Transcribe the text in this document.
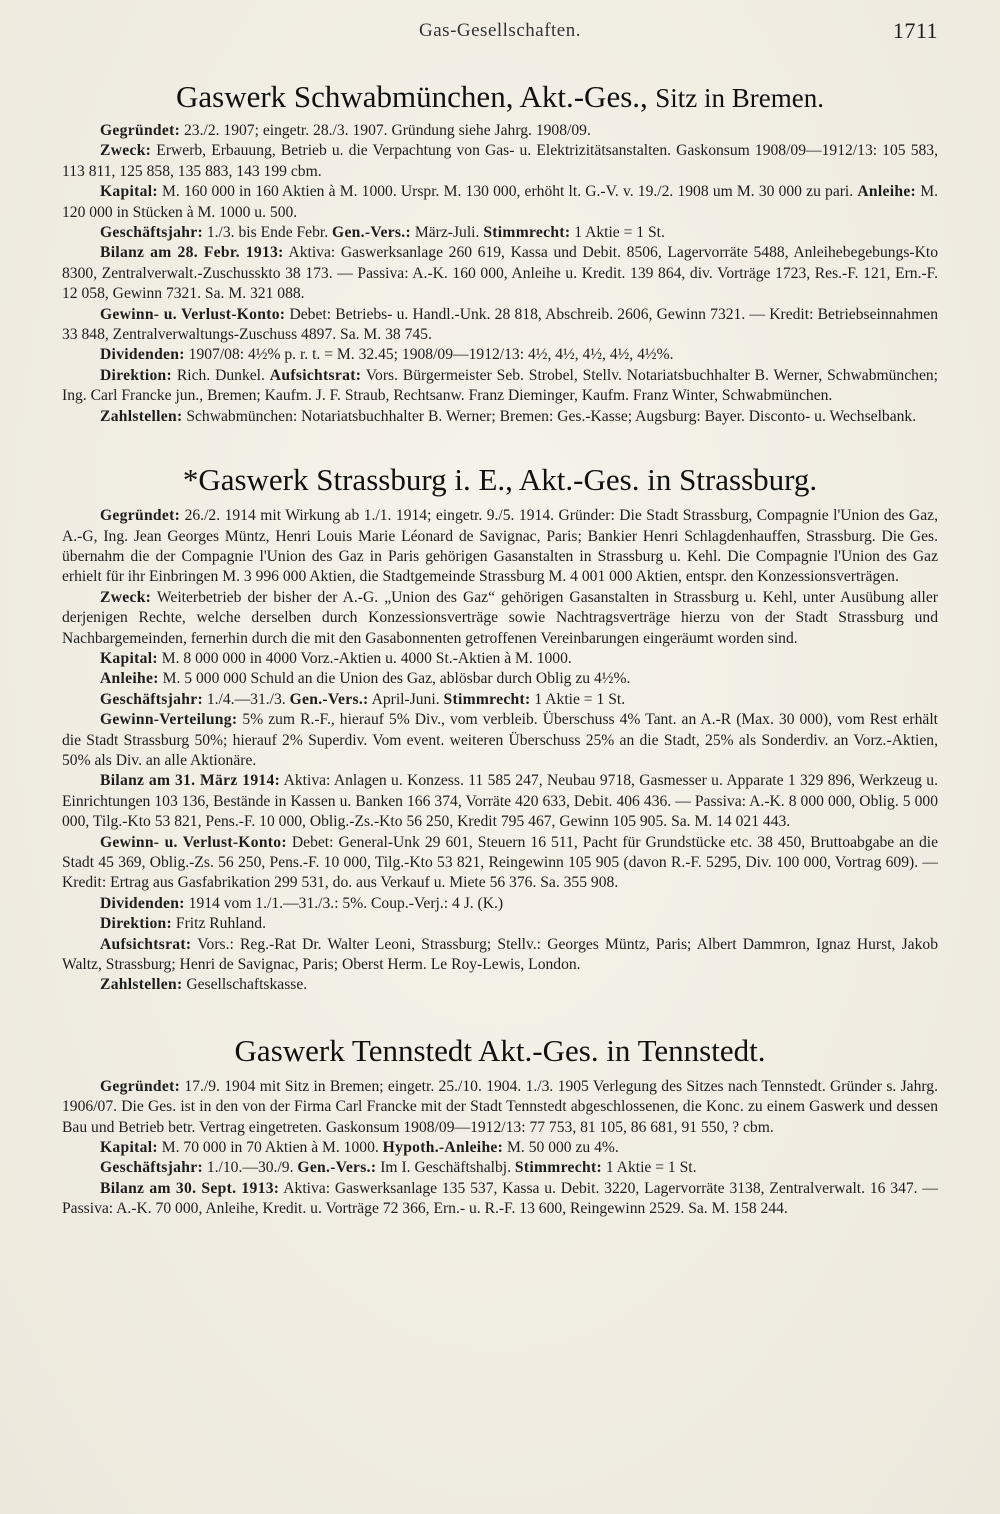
Gas-Gesellschaften.	1711
Gaswerk Schwabmünchen, Akt.-Ges., Sitz in Bremen.

Gegründet: 23./2. 1907; eingetr. 28./3. 1907. Gründung siehe Jahrg. 1908/09.

Zweck: Erwerb, Erbauung, Betrieb u. die Verpachtung von Gas- u. Elektrizitätsanstalten. Gaskonsum 1908/09—1912/13: 105 583, 113 811, 125 858, 135 883, 143 199 cbm.

Kapital: M. 160 000 in 160 Aktien à M. 1000. Urspr. M. 130 000, erhöht lt. G.-V. v. 19./2. 1908 um M. 30 000 zu pari. Anleihe: M. 120 000 in Stücken à M. 1000 u. 500.

Geschäftsjahr: 1./3. bis Ende Febr. Gen.-Vers.: März-Juli. Stimmrecht: 1 Aktie = 1 St.

Bilanz am 28. Febr. 1913: Aktiva: Gaswerksanlage 260 619, Kassa und Debit. 8506, Lagervorräte 5488, Anleihebegebungs-Kto 8300, Zentralverwalt.-Zuschusskto 38 173. — Passiva: A.-K. 160 000, Anleihe u. Kredit. 139 864, div. Vorträge 1723, Res.-F. 121, Ern.-F. 12 058, Gewinn 7321. Sa. M. 321 088.

Gewinn- u. Verlust-Konto: Debet: Betriebs- u. Handl.-Unk. 28 818, Abschreib. 2606, Gewinn 7321. — Kredit: Betriebseinnahmen 33 848, Zentralverwaltungs-Zuschuss 4897. Sa. M. 38 745.

Dividenden: 1907/08: 4½% p. r. t. = M. 32.45; 1908/09—1912/13: 4½, 4½, 4½, 4½, 4½%.

Direktion: Rich. Dunkel. Aufsichtsrat: Vors. Bürgermeister Seb. Strobel, Stellv. Notariatsbuchhalter B. Werner, Schwabmünchen; Ing. Carl Francke jun., Bremen; Kaufm. J. F. Straub, Rechtsanw. Franz Dieminger, Kaufm. Franz Winter, Schwabmünchen.

Zahlstellen: Schwabmünchen: Notariatsbuchhalter B. Werner; Bremen: Ges.-Kasse; Augsburg: Bayer. Disconto- u. Wechselbank.

*Gaswerk Strassburg i. E., Akt.-Ges. in Strassburg.

Gegründet: 26./2. 1914 mit Wirkung ab 1./1. 1914; eingetr. 9./5. 1914. Gründer: Die Stadt Strassburg, Compagnie l'Union des Gaz, A.-G, Ing. Jean Georges Müntz, Henri Louis Marie Léonard de Savignac, Paris; Bankier Henri Schlagdenhauffen, Strassburg. Die Ges. übernahm die der Compagnie l'Union des Gaz in Paris gehörigen Gasanstalten in Strassburg u. Kehl. Die Compagnie l'Union des Gaz erhielt für ihr Einbringen M. 3 996 000 Aktien, die Stadtgemeinde Strassburg M. 4 001 000 Aktien, entspr. den Konzessionsverträgen.

Zweck: Weiterbetrieb der bisher der A.-G. „Union des Gaz“ gehörigen Gasanstalten in Strassburg u. Kehl, unter Ausübung aller derjenigen Rechte, welche derselben durch Konzessionsverträge sowie Nachtragsverträge hierzu von der Stadt Strassburg und Nachbargemeinden, fernerhin durch die mit den Gasabonnenten getroffenen Vereinbarungen eingeräumt worden sind.

Kapital: M. 8 000 000 in 4000 Vorz.-Aktien u. 4000 St.-Aktien à M. 1000.

Anleihe: M. 5 000 000 Schuld an die Union des Gaz, ablösbar durch Oblig zu 4½%.

Geschäftsjahr: 1./4.—31./3. Gen.-Vers.: April-Juni. Stimmrecht: 1 Aktie = 1 St.

Gewinn-Verteilung: 5% zum R.-F., hierauf 5% Div., vom verbleib. Überschuss 4% Tant. an A.-R (Max. 30 000), vom Rest erhält die Stadt Strassburg 50%; hierauf 2% Superdiv. Vom event. weiteren Überschuss 25% an die Stadt, 25% als Sonderdiv. an Vorz.-Aktien, 50% als Div. an alle Aktionäre.

Bilanz am 31. März 1914: Aktiva: Anlagen u. Konzess. 11 585 247, Neubau 9718, Gasmesser u. Apparate 1 329 896, Werkzeug u. Einrichtungen 103 136, Bestände in Kassen u. Banken 166 374, Vorräte 420 633, Debit. 406 436. — Passiva: A.-K. 8 000 000, Oblig. 5 000 000, Tilg.-Kto 53 821, Pens.-F. 10 000, Oblig.-Zs.-Kto 56 250, Kredit 795 467, Gewinn 105 905. Sa. M. 14 021 443.

Gewinn- u. Verlust-Konto: Debet: General-Unk 29 601, Steuern 16 511, Pacht für Grundstücke etc. 38 450, Bruttoabgabe an die Stadt 45 369, Oblig.-Zs. 56 250, Pens.-F. 10 000, Tilg.-Kto 53 821, Reingewinn 105 905 (davon R.-F. 5295, Div. 100 000, Vortrag 609). — Kredit: Ertrag aus Gasfabrikation 299 531, do. aus Verkauf u. Miete 56 376. Sa. 355 908.

Dividenden: 1914 vom 1./1.—31./3.: 5%. Coup.-Verj.: 4 J. (K.)

Direktion: Fritz Ruhland.

Aufsichtsrat: Vors.: Reg.-Rat Dr. Walter Leoni, Strassburg; Stellv.: Georges Müntz, Paris; Albert Dammron, Ignaz Hurst, Jakob Waltz, Strassburg; Henri de Savignac, Paris; Oberst Herm. Le Roy-Lewis, London.

Zahlstellen: Gesellschaftskasse.

Gaswerk Tennstedt Akt.-Ges. in Tennstedt.

Gegründet: 17./9. 1904 mit Sitz in Bremen; eingetr. 25./10. 1904. 1./3. 1905 Verlegung des Sitzes nach Tennstedt. Gründer s. Jahrg. 1906/07. Die Ges. ist in den von der Firma Carl Francke mit der Stadt Tennstedt abgeschlossenen, die Konc. zu einem Gaswerk und dessen Bau und Betrieb betr. Vertrag eingetreten. Gaskonsum 1908/09—1912/13: 77 753, 81 105, 86 681, 91 550, ? cbm.

Kapital: M. 70 000 in 70 Aktien à M. 1000. Hypoth.-Anleihe: M. 50 000 zu 4%.

Geschäftsjahr: 1./10.—30./9. Gen.-Vers.: Im I. Geschäftshalbj. Stimmrecht: 1 Aktie = 1 St.

Bilanz am 30. Sept. 1913: Aktiva: Gaswerksanlage 135 537, Kassa u. Debit. 3220, Lagervorräte 3138, Zentralverwalt. 16 347. — Passiva: A.-K. 70 000, Anleihe, Kredit. u. Vorträge 72 366, Ern.- u. R.-F. 13 600, Reingewinn 2529. Sa. M. 158 244.
